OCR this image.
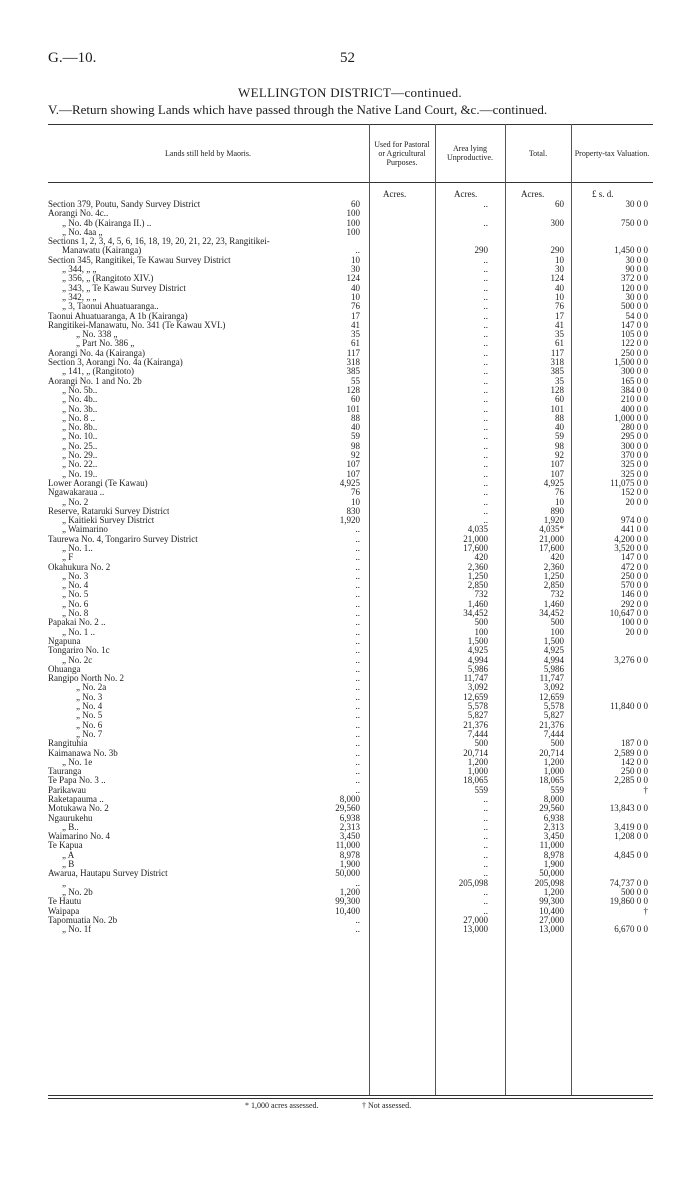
G.—10.	52
WELLINGTON DISTRICT—continued.
V.—Return showing Lands which have passed through the Native Land Court, &c.—continued.
Lands still held by Maoris.
Used for Pastoral or Agricultural Purposes.
Area lying Unproductive.	Total.	Property-tax Valuation.
Acres.	Acres.	Acres.	£ s. d.
Section 379, Poutu, Sandy Survey District	60	..	60	30 0 0
Aorangi No. 4c..	100
„ No. 4b (Kairanga II.) ..	100	..	300	750 0 0
„ No. 4aa „	100
Sections 1, 2, 3, 4, 5, 6, 16, 18, 19, 20, 21, 22, 23, Rangitikei-
Manawatu (Kairanga)	..	290	290	1,450 0 0
Section 345, Rangitikei, Te Kawau Survey District	10	..	10	30 0 0
„ 344, „ „	30	..	30	90 0 0
„ 356, „ (Rangitoto XIV.)	124	..	124	372 0 0
„ 343, „ Te Kawau Survey District	40	..	40	120 0 0
„ 342, „ „	10	..	10	30 0 0
„ 3, Taonui Ahuatuaranga..	76	..	76	500 0 0
Taonui Ahuatuaranga, A 1b (Kairanga)	17	..	17	54 0 0
Rangitikei-Manawatu, No. 341 (Te Kawau XVI.)	41	..	41	147 0 0
„ No. 338 „	35	..	35	105 0 0
„ Part No. 386 „	61	..	61	122 0 0
Aorangi No. 4a (Kairanga)	117	..	117	250 0 0
Section 3, Aorangi No. 4a (Kairanga)	318	..	318	1,500 0 0
„ 141, „ (Rangitoto)	385	..	385	300 0 0
Aorangi No. 1 and No. 2b	55	..	35	165 0 0
„ No. 5b..	128	..	128	384 0 0
„ No. 4b..	60	..	60	210 0 0
„ No. 3b..	101	..	101	400 0 0
„ No. 8 ..	88	..	88	1,000 0 0
„ No. 8b..	40	..	40	280 0 0
„ No. 10..	59	..	59	295 0 0
„ No. 25..	98	..	98	300 0 0
„ No. 29..	92	..	92	370 0 0
„ No. 22..	107	..	107	325 0 0
„ No. 19..	107	..	107	325 0 0
Lower Aorangi (Te Kawau)	4,925	..	4,925	11,075 0 0
Ngawakaraua ..	76	..	76	152 0 0
„ No. 2	10	..	10	20 0 0
Reserve, Rataruki Survey District	830	..	890
„ Kaitieki Survey District	1,920	..	1,920	974 0 0
„ Waimarino	..	4,035	4,035*	441 0 0
Taurewa No. 4, Tongariro Survey District	..	21,000	21,000	4,200 0 0
„ No. 1..	..	17,600	17,600	3,520 0 0
„ F	..	420	420	147 0 0
Okahukura No. 2	..	2,360	2,360	472 0 0
„ No. 3	..	1,250	1,250	250 0 0
„ No. 4	..	2,850	2,850	570 0 0
„ No. 5	..	732	732	146 0 0
„ No. 6	..	1,460	1,460	292 0 0
„ No. 8	..	34,452	34,452	10,647 0 0
Papakai No. 2 ..	..	500	500	100 0 0
„ No. 1 ..	..	100	100	20 0 0
Ngapuna	..	1,500	1,500
Tongariro No. 1c	..	4,925	4,925
„ No. 2c	..	4,994	4,994	3,276 0 0
Ohuanga	..	5,986	5,986
Rangipo North No. 2	..	11,747	11,747
„ No. 2a	..	3,092	3,092
„ No. 3	..	12,659	12,659
„ No. 4	..	5,578	5,578	11,840 0 0
„ No. 5	..	5,827	5,827
„ No. 6	..	21,376	21,376
„ No. 7	..	7,444	7,444
Rangituhia	..	500	500	187 0 0
Kaimanawa No. 3b	..	20,714	20,714	2,589 0 0
„ No. 1e	..	1,200	1,200	142 0 0
Tauranga	..	1,000	1,000	250 0 0
Te Papa No. 3 ..	..	18,065	18,065	2,285 0 0
Parikawau	..	559	559	†
Raketapauma ..	8,000	..	8,000
Motukawa No. 2	29,560	..	29,560	13,843 0 0
Ngaurukehu	6,938	..	6,938
„ B..	2,313	..	2,313	3,419 0 0
Waimarino No. 4	3,450	..	3,450	1,208 0 0
Te Kapua	11,000	..	11,000
„ A	8,978	..	8,978	4,845 0 0
„ B	1,900	..	1,900
Awarua, Hautapu Survey District	50,000	..	50,000
„	..	205,098	205,098	74,737 0 0
„ No. 2b	1,200	..	1,200	500 0 0
Te Hautu	99,300	..	99,300	19,860 0 0
Waipapa	10,400	..	10,400	†
Tapomuatia No. 2b	..	27,000	27,000
„ No. 1f	..	13,000	13,000	6,670 0 0
* 1,000 acres assessed.	† Not assessed.
